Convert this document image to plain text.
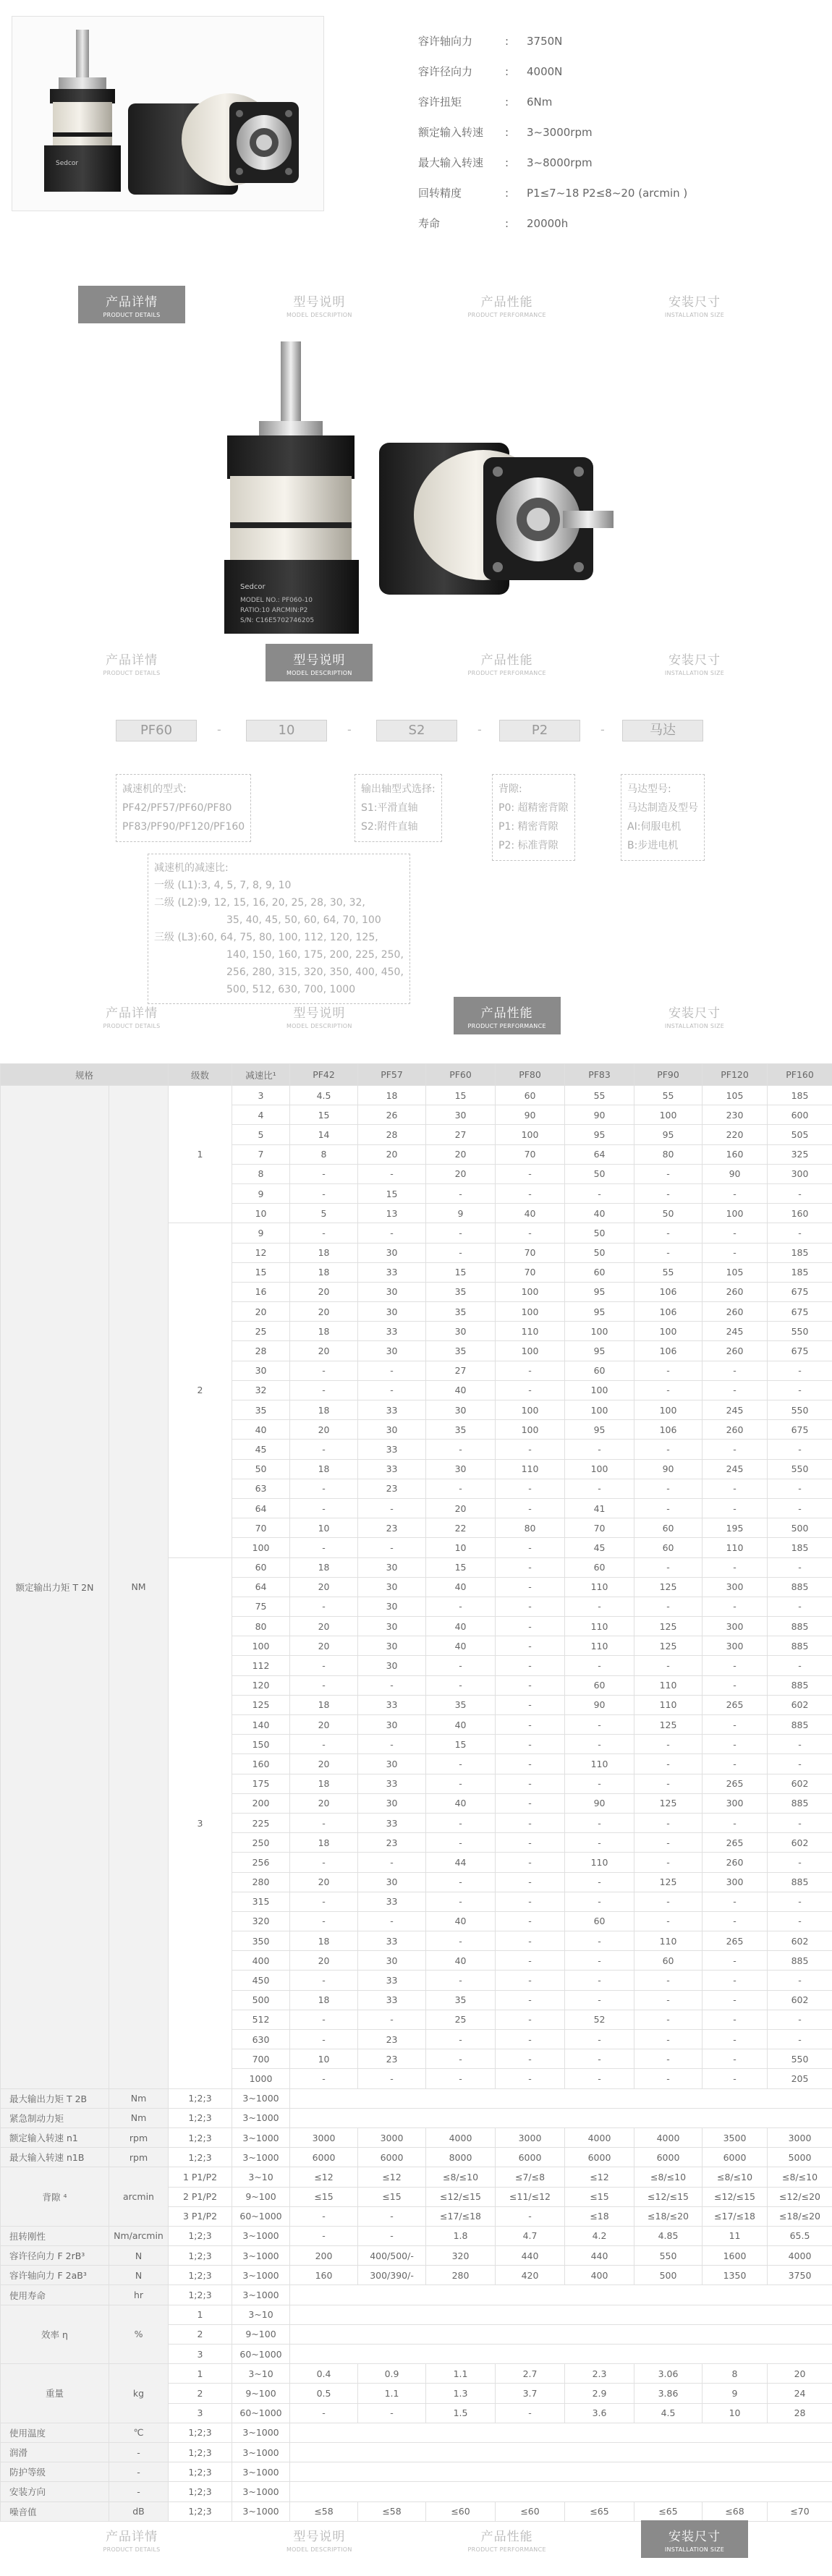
Sedcor
容许轴向力	:	3750N
容许径向力	:	4000N
容许扭矩	:	6Nm
额定输入转速	:	3~3000rpm
最大输入转速	:	3~8000rpm
回转精度	:	P1≤7~18 P2≤8~20 (arcmin )
寿命	:	20000h
产品详情
PRODUCT DETAILS
型号说明
MODEL DESCRIPTION
产品性能
PRODUCT PERFORMANCE
安装尺寸
INSTALLATION SIZE
Sedcor
MODEL NO.: PF060-10
RATIO:10 ARCMIN:P2
S/N: C16E5702746205
产品详情
PRODUCT DETAILS
型号说明
MODEL DESCRIPTION
产品性能
PRODUCT PERFORMANCE
安装尺寸
INSTALLATION SIZE
PF60	-	10	-	S2	-	P2	-	马达

减速机的型式:

PF42/PF57/PF60/PF80

PF83/PF90/PF120/PF160

输出轴型式选择:

S1:平滑直轴

S2:附件直轴

背隙:

P0: 超精密背隙

P1: 精密背隙

P2: 标准背隙

马达型号:

马达制造及型号

AI:伺服电机

B:步进电机

减速机的减速比:

一级 (L1):3, 4, 5, 7, 8, 9, 10

二级 (L2):9, 12, 15, 16, 20, 25, 28, 30, 32,

35, 40, 45, 50, 60, 64, 70, 100

三级 (L3):60, 64, 75, 80, 100, 112, 120, 125,

140, 150, 160, 175, 200, 225, 250,

256, 280, 315, 320, 350, 400, 450,

500, 512, 630, 700, 1000

产品详情
PRODUCT DETAILS
型号说明
MODEL DESCRIPTION
产品性能
PRODUCT PERFORMANCE
安装尺寸
INSTALLATION SIZE
规格		级数	减速比¹	PF42	PF57	PF60	PF80	PF83	PF90	PF120	PF160
额定输出力矩 T 2N	NM	1	3	4.5	18	15	60	55	55	105	185
			4	15	26	30	90	90	100	230	600
			5	14	28	27	100	95	95	220	505
			7	8	20	20	70	64	80	160	325
			8	-	-	20	-	50	-	90	300
			9	-	15	-	-	-	-	-	-
			10	5	13	9	40	40	50	100	160
		2	9	-	-	-	-	50	-	-	-
			12	18	30	-	70	50	-	-	185
			15	18	33	15	70	60	55	105	185
			16	20	30	35	100	95	106	260	675
			20	20	30	35	100	95	106	260	675
			25	18	33	30	110	100	100	245	550
			28	20	30	35	100	95	106	260	675
			30	-	-	27	-	60	-	-	-
			32	-	-	40	-	100	-	-	-
			35	18	33	30	100	100	100	245	550
			40	20	30	35	100	95	106	260	675
			45	-	33	-	-	-	-	-	-
			50	18	33	30	110	100	90	245	550
			63	-	23	-	-	-	-	-	-
			64	-	-	20	-	41	-	-	-
			70	10	23	22	80	70	60	195	500
			100	-	-	10	-	45	60	110	185
		3	60	18	30	15	-	60	-	-	-
			64	20	30	40	-	110	125	300	885
			75	-	30	-	-	-	-	-	-
			80	20	30	40	-	110	125	300	885
			100	20	30	40	-	110	125	300	885
			112	-	30	-	-	-	-	-	-
			120	-	-	-	-	60	110	-	885
			125	18	33	35	-	90	110	265	602
			140	20	30	40	-	-	125	-	885
			150	-	-	15	-	-	-	-	-
			160	20	30	-	-	110	-	-	-
			175	18	33	-	-	-	-	265	602
			200	20	30	40	-	90	125	300	885
			225	-	33	-	-	-	-	-	-
			250	18	23	-	-	-	-	265	602
			256	-	-	44	-	110	-	260	-
			280	20	30	-	-	-	125	300	885
			315	-	33	-	-	-	-	-	-
			320	-	-	40	-	60	-	-	-
			350	18	33	-	-	-	110	265	602
			400	20	30	40	-	-	60	-	885
			450	-	33	-	-	-	-	-	-
			500	18	33	35	-	-	-	-	602
			512	-	-	25	-	52	-	-	-
			630	-	23	-	-	-	-	-	-
			700	10	23	-	-	-	-	-	550
			1000	-	-	-	-	-	-	-	205
最大输出力矩 T 2B	Nm	1;2;3	3~1000								
紧急制动力矩	Nm	1;2;3	3~1000								
额定输入转速 n1	rpm	1;2;3	3~1000	3000	3000	4000	3000	4000	4000	3500	3000
最大输入转速 n1B	rpm	1;2;3	3~1000	6000	6000	8000	6000	6000	6000	6000	5000
背隙 ⁴	arcmin	1 P1/P2	3~10	≤12	≤12	≤8/≤10	≤7/≤8	≤12	≤8/≤10	≤8/≤10	≤8/≤10
		2 P1/P2	9~100	≤15	≤15	≤12/≤15	≤11/≤12	≤15	≤12/≤15	≤12/≤15	≤12/≤20
		3 P1/P2	60~1000	-	-	≤17/≤18	-	≤18	≤18/≤20	≤17/≤18	≤18/≤20
扭转刚性	Nm/arcmin	1;2;3	3~1000	-	-	1.8	4.7	4.2	4.85	11	65.5
容许径向力 F 2rB³	N	1;2;3	3~1000	200	400/500/-	320	440	440	550	1600	4000
容许轴向力 F 2aB³	N	1;2;3	3~1000	160	300/390/-	280	420	400	500	1350	3750
使用寿命	hr	1;2;3	3~1000								
效率 η	%	1	3~10								
		2	9~100								
		3	60~1000								
重量	kg	1	3~10	0.4	0.9	1.1	2.7	2.3	3.06	8	20
		2	9~100	0.5	1.1	1.3	3.7	2.9	3.86	9	24
		3	60~1000	-	-	1.5	-	3.6	4.5	10	28
使用温度	℃	1;2;3	3~1000								
润滑	-	1;2;3	3~1000								
防护等级	-	1;2;3	3~1000								
安装方向	-	1;2;3	3~1000								
噪音值	dB	1;2;3	3~1000	≤58	≤58	≤60	≤60	≤65	≤65	≤68	≤70
产品详情
PRODUCT DETAILS
型号说明
MODEL DESCRIPTION
产品性能
PRODUCT PERFORMANCE
安装尺寸
INSTALLATION SIZE
